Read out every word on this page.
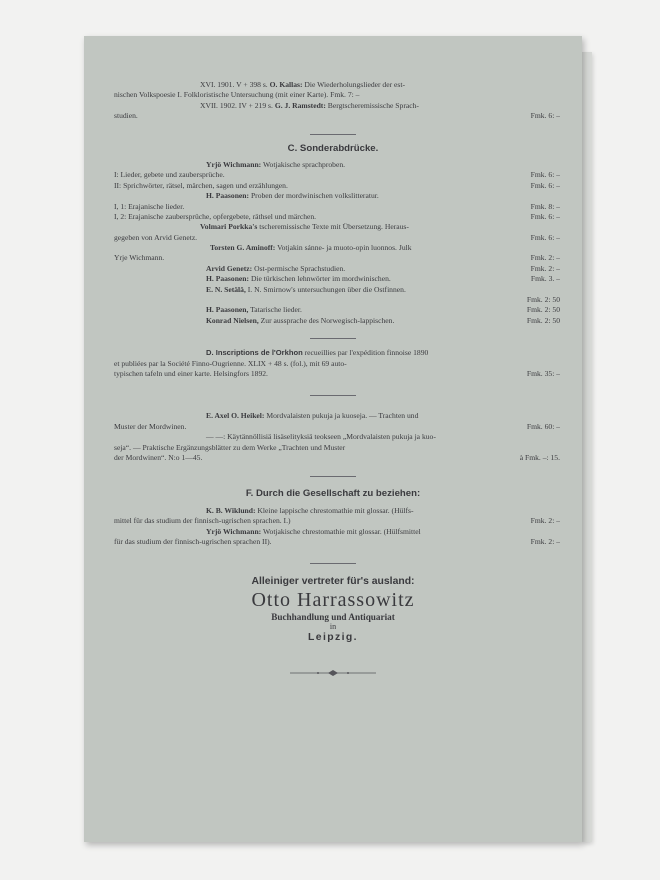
XVI. 1901. V + 398 s. O. Kallas: Die Wiederholungslieder der est-
nischen Volkspoesie I. Folkloristische Untersuchung (mit einer Karte). Fmk. 7: –
XVII. 1902. IV + 219 s. G. J. Ramstedt: Bergtscheremissische Sprach-
studien.	Fmk. 6: –
C. Sonderabdrücke.
Yrjö Wichmann: Wotjakische sprachproben.
I: Lieder, gebete und zaubersprüche.	Fmk. 6: –
II: Sprichwörter, rätsel, märchen, sagen und erzählungen.	Fmk. 6: –
H. Paasonen: Proben der mordwinischen volkslitteratur.
I, 1: Erajanische lieder.	Fmk. 8: –
I, 2: Erajanische zaubersprüche, opfergebete, räthsel und märchen.	Fmk. 6: –
Volmari Porkka's tscheremissische Texte mit Übersetzung. Heraus-
gegeben von Arvid Genetz.	Fmk. 6: –
Torsten G. Aminoff: Votjakin sánne- ja muoto-opin luonnos. Julk
Yrje Wichmann.	Fmk. 2: –
Arvid Genetz: Ost-permische Sprachstudien.	Fmk. 2: –
H. Paasonen: Die türkischen lehnwörter im mordwinischen.	Fmk. 3. –
E. N. Setälä, I. N. Smirnow's untersuchungen über die Ostfinnen.
Fmk. 2: 50
H. Paasonen, Tatarische lieder.	Fmk. 2: 50
Konrad Nielsen, Zur aussprache des Norwegisch-lappischen.	Fmk. 2: 50
D. Inscriptions de l'Orkhon recueillies par l'expédition finnoise 1890
et publiées par la Société Finno-Ougrienne. XLIX + 48 s. (fol.), mit 69 auto-
typischen tafeln und einer karte. Helsingfors 1892.	Fmk. 35: –
E. Axel O. Heikel: Mordvalaisten pukuja ja kuoseja. — Trachten und
Muster der Mordwinen.	Fmk. 60: –
— —: Käytännöllisiä lisäselityksiä teokseen „Mordvalaisten pukuja ja kuo-
seja“. — Praktische Ergänzungsblätter zu dem Werke „Trachten und Muster
der Mordwinen“. N:o 1—45.	à Fmk. –: 15.
F. Durch die Gesellschaft zu beziehen:
K. B. Wiklund: Kleine lappische chrestomathie mit glossar. (Hülfs-
mittel für das studium der finnisch-ugrischen sprachen. I.)	Fmk. 2: –
Yrjö Wichmann: Wotjakische chrestomathie mit glossar. (Hülfsmittel
für das studium der finnisch-ugrischen sprachen II).	Fmk. 2: –
Alleiniger vertreter für's ausland:
Otto Harrassowitz
Buchhandlung und Antiquariat
in
Leipzig.
